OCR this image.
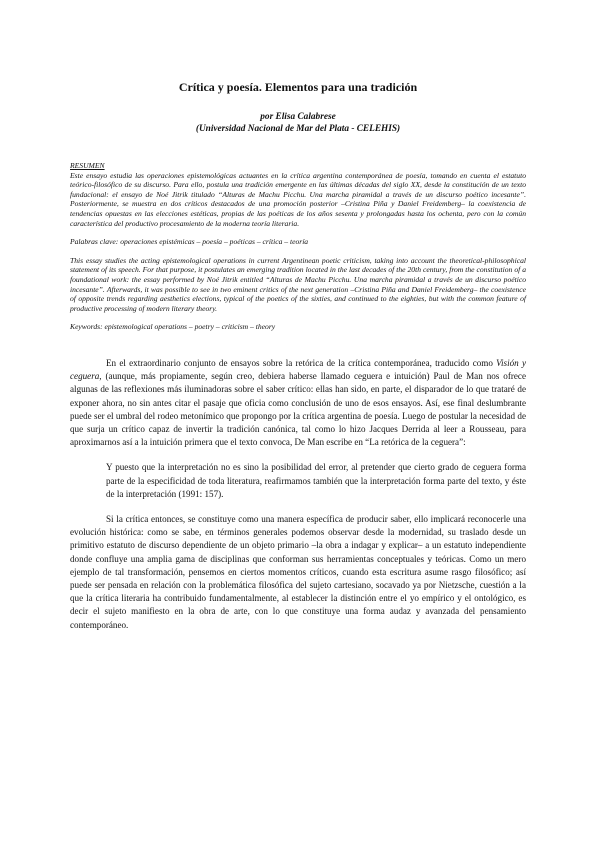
Crítica y poesía. Elementos para una tradición
por Elisa Calabrese
(Universidad Nacional de Mar del Plata - CELEHIS)

RESUMEN

Este ensayo estudia las operaciones epistemológicas actuantes en la crítica argentina contemporánea de poesía, tomando en cuenta el estatuto teórico-filosófico de su discurso. Para ello, postula una tradición emergente en las últimas décadas del siglo XX, desde la constitución de un texto fundacional: el ensayo de Noé Jitrik titulado “Alturas de Machu Picchu. Una marcha piramidal a través de un discurso poético incesante”. Posteriormente, se muestra en dos críticos destacados de una promoción posterior –Cristina Piña y Daniel Freidemberg– la coexistencia de tendencias opuestas en las elecciones estéticas, propias de las poéticas de los años sesenta y prolongadas hasta los ochenta, pero con la común característica del productivo procesamiento de la moderna teoría literaria.

Palabras clave: operaciones epistémicas – poesía – poéticas – crítica – teoría

This essay studies the acting epistemological operations in current Argentinean poetic criticism, taking into account the theoretical-philosophical statement of its speech. For that purpose, it postulates an emerging tradition located in the last decades of the 20th century, from the constitution of a foundational work: the essay performed by Noé Jitrik entitled “Alturas de Machu Picchu. Una marcha piramidal a través de un discurso poético incesante”. Afterwards, it was possible to see in two eminent critics of the next generation –Cristina Piña and Daniel Freidemberg– the coexistence of opposite trends regarding aesthetics elections, typical of the poetics of the sixties, and continued to the eighties, but with the common feature of productive processing of modern literary theory.

Keywords: epistemological operations – poetry – criticism – theory

En el extraordinario conjunto de ensayos sobre la retórica de la crítica contemporánea, traducido como Visión y ceguera, (aunque, más propiamente, según creo, debiera haberse llamado ceguera e intuición) Paul de Man nos ofrece algunas de las reflexiones más iluminadoras sobre el saber crítico: ellas han sido, en parte, el disparador de lo que trataré de exponer ahora, no sin antes citar el pasaje que oficia como conclusión de uno de esos ensayos. Así, ese final deslumbrante puede ser el umbral del rodeo metonímico que propongo por la crítica argentina de poesía. Luego de postular la necesidad de que surja un crítico capaz de invertir la tradición canónica, tal como lo hizo Jacques Derrida al leer a Rousseau, para aproximarnos así a la intuición primera que el texto convoca, De Man escribe en “La retórica de la ceguera”:

Y puesto que la interpretación no es sino la posibilidad del error, al pretender que cierto grado de ceguera forma parte de la especificidad de toda literatura, reafirmamos también que la interpretación forma parte del texto, y éste de la interpretación (1991: 157).

Si la crítica entonces, se constituye como una manera específica de producir saber, ello implicará reconocerle una evolución histórica: como se sabe, en términos generales podemos observar desde la modernidad, su traslado desde un primitivo estatuto de discurso dependiente de un objeto primario –la obra a indagar y explicar– a un estatuto independiente donde confluye una amplia gama de disciplinas que conforman sus herramientas conceptuales y teóricas. Como un mero ejemplo de tal transformación, pensemos en ciertos momentos críticos, cuando esta escritura asume rasgo filosófico; así puede ser pensada en relación con la problemática filosófica del sujeto cartesiano, socavado ya por Nietzsche, cuestión a la que la crítica literaria ha contribuido fundamentalmente, al establecer la distinción entre el yo empírico y el ontológico, es decir el sujeto manifiesto en la obra de arte, con lo que constituye una forma audaz y avanzada del pensamiento contemporáneo.
